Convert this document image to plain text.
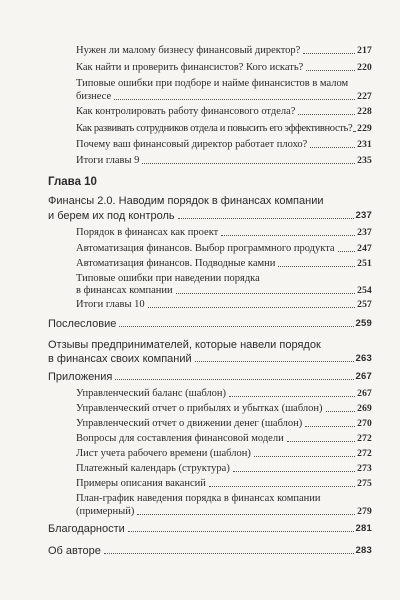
Нужен ли малому бизнесу финансовый директор?	217
Как найти и проверить финансистов? Кого искать?	220
Типовые ошибки при подборе и найме финансистов в малом
бизнесе	227
Как контролировать работу финансового отдела?	228
Как развивать сотрудников отдела и повысить его эффективность? 229
Почему ваш финансовый директор работает плохо?	231
Итоги главы 9	235
Глава 10
Финансы 2.0. Наводим порядок в финансах компании
и берем их под контроль	237
Порядок в финансах как проект	237
Автоматизация финансов. Выбор программного продукта 247
Автоматизация финансов. Подводные камни	251
Типовые ошибки при наведении порядка
в финансах компании	254
Итоги главы 10	257
Послесловие	259
Отзывы предпринимателей, которые навели порядок
в финансах своих компаний	263
Приложения	267
Управленческий баланс (шаблон)	267
Управленческий отчет о прибылях и убытках (шаблон)	269
Управленческий отчет о движении денег (шаблон)	270
Вопросы для составления финансовой модели	272
Лист учета рабочего времени (шаблон)	272
Платежный календарь (структура)	273
Примеры описания вакансий	275
План-график наведения порядка в финансах компании
(примерный)	279
Благодарности	281
Об авторе	283
